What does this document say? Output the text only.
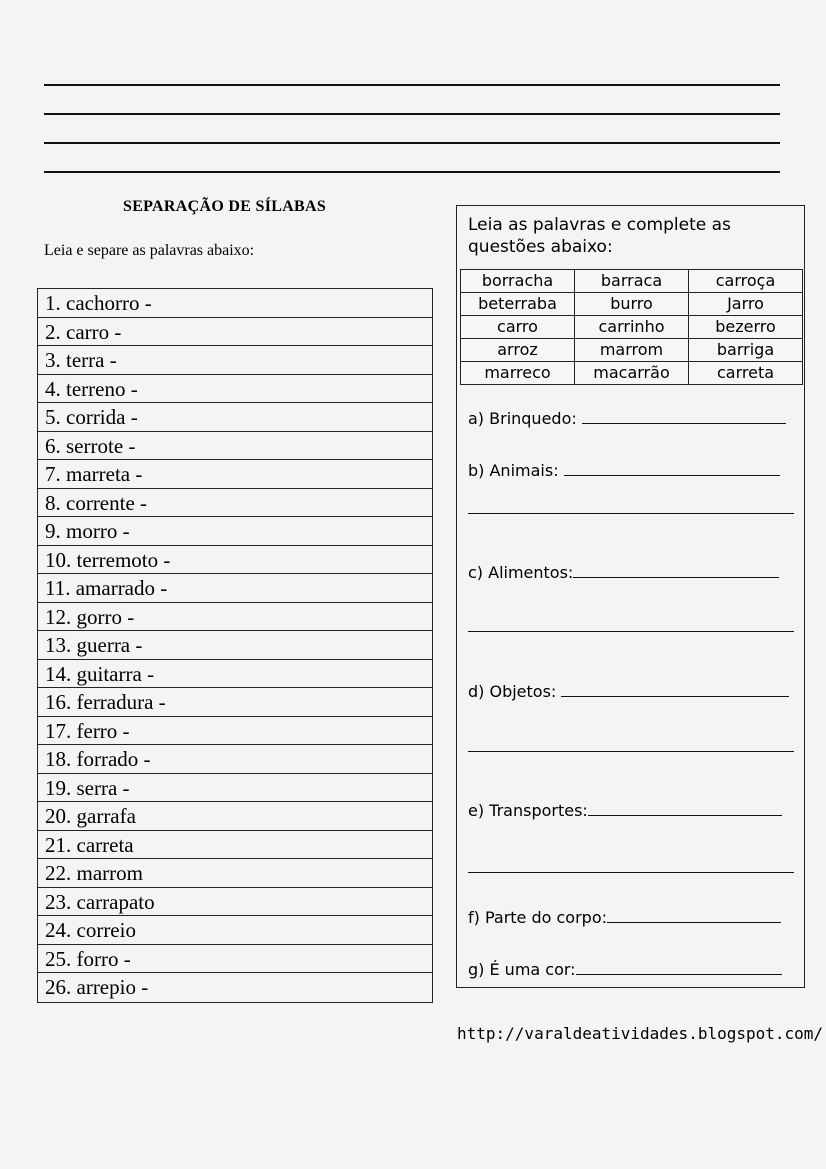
SEPARAÇÃO DE SÍLABAS
Leia e separe as palavras abaixo:
1. cachorro -
2. carro -
3. terra -
4. terreno -
5. corrida -
6. serrote -
7. marreta -
8. corrente -
9. morro -
10. terremoto -
11. amarrado -
12. gorro -
13. guerra -
14. guitarra -
16. ferradura -
17. ferro -
18. forrado -
19. serra -
20. garrafa
21. carreta
22. marrom
23. carrapato
24. correio
25. forro -
26. arrepio -
Leia as palavras e complete as questões abaixo:
borracha	barraca	carroça
beterraba	burro	Jarro
carro	carrinho	bezerro
arroz	marrom	barriga
marreco	macarrão	carreta
a) Brinquedo:
b) Animais:
c) Alimentos:
d) Objetos:
e) Transportes:
f) Parte do corpo:
g) É uma cor:
http://varaldeatividades.blogspot.com/
